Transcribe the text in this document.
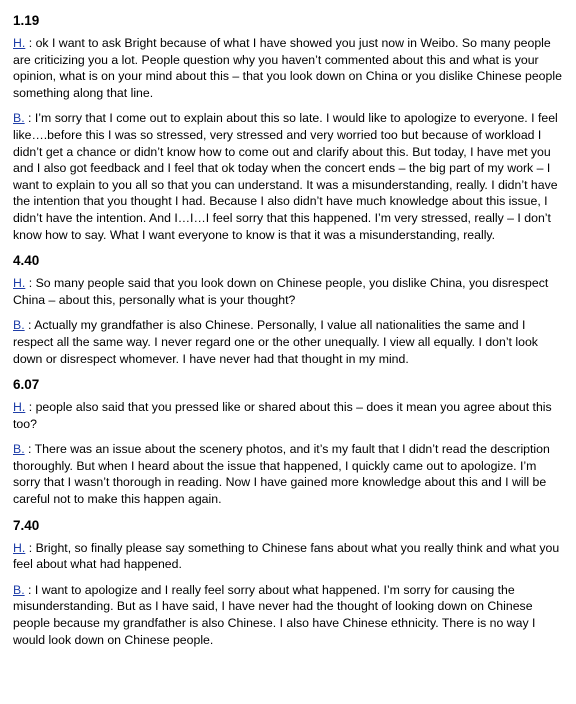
1.19

H. : ok I want to ask Bright because of what I have showed you just now in Weibo. So many people are criticizing you a lot. People question why you haven’t commented about this and what is your opinion, what is on your mind about this – that you look down on China or you dislike Chinese people something along that line.

B. : I’m sorry that I come out to explain about this so late. I would like to apologize to everyone. I feel like….before this I was so stressed, very stressed and very worried too but because of workload I didn’t get a chance or didn’t know how to come out and clarify about this. But today, I have met you and I also got feedback and I feel that ok today when the concert ends – the big part of my work – I want to explain to you all so that you can understand. It was a misunderstanding, really. I didn’t have the intention that you thought I had. Because I also didn’t have much knowledge about this issue, I didn’t have the intention. And I…I…I feel sorry that this happened. I’m very stressed, really – I don’t know how to say. What I want everyone to know is that it was a misunderstanding, really.

4.40

H. : So many people said that you look down on Chinese people, you dislike China, you disrespect China – about this, personally what is your thought?

B. : Actually my grandfather is also Chinese. Personally, I value all nationalities the same and I respect all the same way. I never regard one or the other unequally. I view all equally. I don’t look down or disrespect whomever. I have never had that thought in my mind.

6.07

H. : people also said that you pressed like or shared about this – does it mean you agree about this too?

B. : There was an issue about the scenery photos, and it’s my fault that I didn’t read the description thoroughly. But when I heard about the issue that happened, I quickly came out to apologize. I’m sorry that I wasn’t thorough in reading. Now I have gained more knowledge about this and I will be careful not to make this happen again.

7.40

H. : Bright, so finally please say something to Chinese fans about what you really think and what you feel about what had happened.

B. : I want to apologize and I really feel sorry about what happened. I’m sorry for causing the misunderstanding. But as I have said, I have never had the thought of looking down on Chinese people because my grandfather is also Chinese. I also have Chinese ethnicity. There is no way I would look down on Chinese people.
